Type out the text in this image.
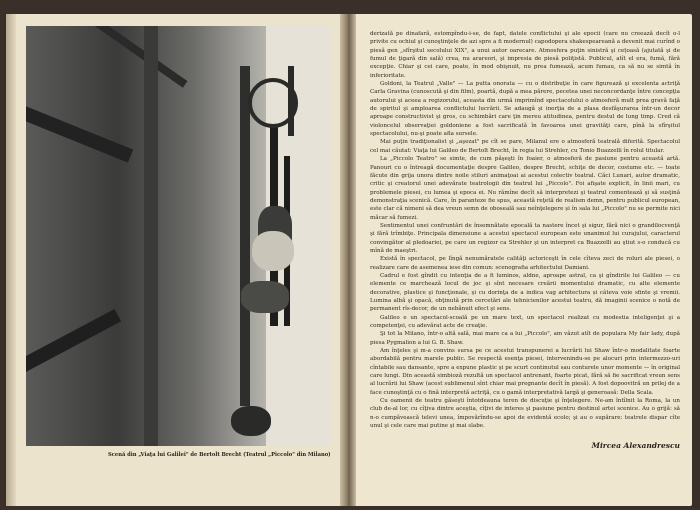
Scenă din „Viaţa lui Galilei" de Bertolt Brecht (Teatrul „Piccolo" din Milano)

derizată pe dinafară, estompîndu-i-se, de fapt, datele conflictului şi ale epocii (care nu creează decît o-l privite cu ochiul şi cunoştinţele de azi spre a fi modernul) capodopera shakespeareană a devenit mai curînd o piesă gen „sfîrşitul secolului XIX", a unui autor oarecare. Atmosfera puţin sinistră şi cețoasă (ajutată şi de fumul de ţigară din sală) crea, nu arareori, şi impresia de piesă poliţistă. Publicul, atît el era, fumă, fără excepţie. Chiar şi cei care, poate, în mod obişnuit, nu prea fumează, acum fumau, ca să nu se simtă în inferioritate.

Goldoni, la Teatrul „Valle" — La putta onorata — cu o distribuţie în care figurează şi excelenta actriţă Carla Gravina (cunoscută şi din film), poartă, după a mea părere, pecetea unei neconcordanţe între concepţia autorului şi aceea a regizorului, aceasta din urmă imprimînd spectacolului o atmosferă mult prea gravă faţă de spiritul şi amploarea conflictului lucrării. Se adaugă şi inerţia de a plasa desfăşurarea într-un decor aproape constructivist şi gros, cu schimbări care ţin mereu atitudinea, pentru destul de lung timp. Cred că violoncelul observaţiei goldoniene a fost sacrificată în favoarea unei gravităţi care, pînă la sfîrşitul spectacolului, nu-şi poate afla sursele.

Mai puţin tradiţionalist şi „aşezat" pe cît se pare, Milanul ere o atmosferă teatrală diferită. Spectacolul cel mai căutat: Viaţa lui Galileo de Bertolt Brecht, în regia lui Strehler, cu Tonio Buazzelli în rolul titular.

La „Piccolo Teatro" se simte, de cum păşeşti în foaier, o atmosferă de pasiune pentru această artă. Panouri cu o întreagă documentaţie despre Galileo, despre Brecht, schiţe de decor, costume etc. — toate făcute din grija unora dintre noile stiluri animaţoai ai acestui colectiv teatral. Căci Lunari, autor dramatic, critic şi creatorul unei adevărate teatrologii din teatrul lui „Piccolo". Foi afişate explicit, în linii mari, cu problemele piesei, cu lumea şi epoca ei. Nu rămîne decît să interpretezi şi teatrul comentează şi să susţină demonstraţia scenică. Care, în paranteze fie spus, această reţetă de realism demn, pentru publicul european, este clar că nimeni să dea vreun semn de oboseală sau neînţelegere și în sala lui „Piccolo" nu se permite nici măcar să fumezi.

Sentimentul unei confruntări de însemnătate epocală ta nastere încet şi sigur, fără nici o grandilocvenţă şi fără trîmbiţe. Principala dimensiune a acestui spectacol european este unanimul lui curajului, caracterul convingător al pledoariei, pe care un regizor ca Strehler şi un interpret ca Buazzelli au ştiut s-o conducă cu mînă de maeştri.

Există în spectacol, pe lîngă nenumăratele calităţi actoriceşti în cele cîteva zeci de roluri ale piesei, o realizare care de asemenea iese din comun: scenografia arhitectului Damiani.

Cadrul e fost gîndit cu intenţia de a fi luminos, aldne, aproape astral, ca şi gîndirile lui Galileo — cu elemente ce marchează locul de joc şi sînt necesare creării momentului dramatic, cu alte elemente decorative, plastice şi funcţionale, şi cu dorinţa de a indica vag arhitectura și câteva voie sfinte şi vremii. Lumina albă şi opacă, obţinută prin cercetări ale tehnicienilor acestui teatru, dă imaginii scenice o notă de permanent rîs-decor, de un nebănuit efect şi sens.

Galileo e un spectacol-scoală pe un mare text, un spectacol realizat cu modestia inteligenţei şi a competenţei, cu adevărat acte de creaţie.

Şi tot la Milano, într-o altă sală, mai mare ca a lui „Piccolo", am văzut atît de populara My fair lady, după piesa Pygmalion a lui G. B. Shaw.

Am înţeles şi m-a convins sursa pe ce acestui transpunerei a lucrării lui Shaw într-o modalitate foarte abordabilă pentru marele public. Se respectă esenţa piesei, intervenindu-se pe alocuri prin intermezzo-uri cîntabile sau dansante, spre a expune plastic şi pe scurt continutul sau conturele unor momente — în original care lungi. Din această simbioză rezultă un spectacol antrenant, foarte picat, fără să fie sacrificat vreun sens al lucrării lui Shaw (acest sublimenul sînt chiar mai pregnante decît în piesă). A fost dopoovitră un prilej de a face cunoştinţă cu o fină interpretă actriţă, cu o gamă interpretativă largă şi generoasă: Della Scala.

Cu oamenii de teatru găseşti întotdeauna teren de discuţie şi înţelegere. Ne-am întîlnit la Roma, la un club de-al lor, cu cîţiva dintre aceştia, cîţivi de interes şi pasiune pentru destinul artei scenice. Au o grijă: să n-o cumpăvească televi unea, împovărîndu-se apoi de evidentă ecolo; şi au o supărare: teatrele dispar cîte unul şi cele care mai putine şi mai slabe.

Mircea Alexandrescu
